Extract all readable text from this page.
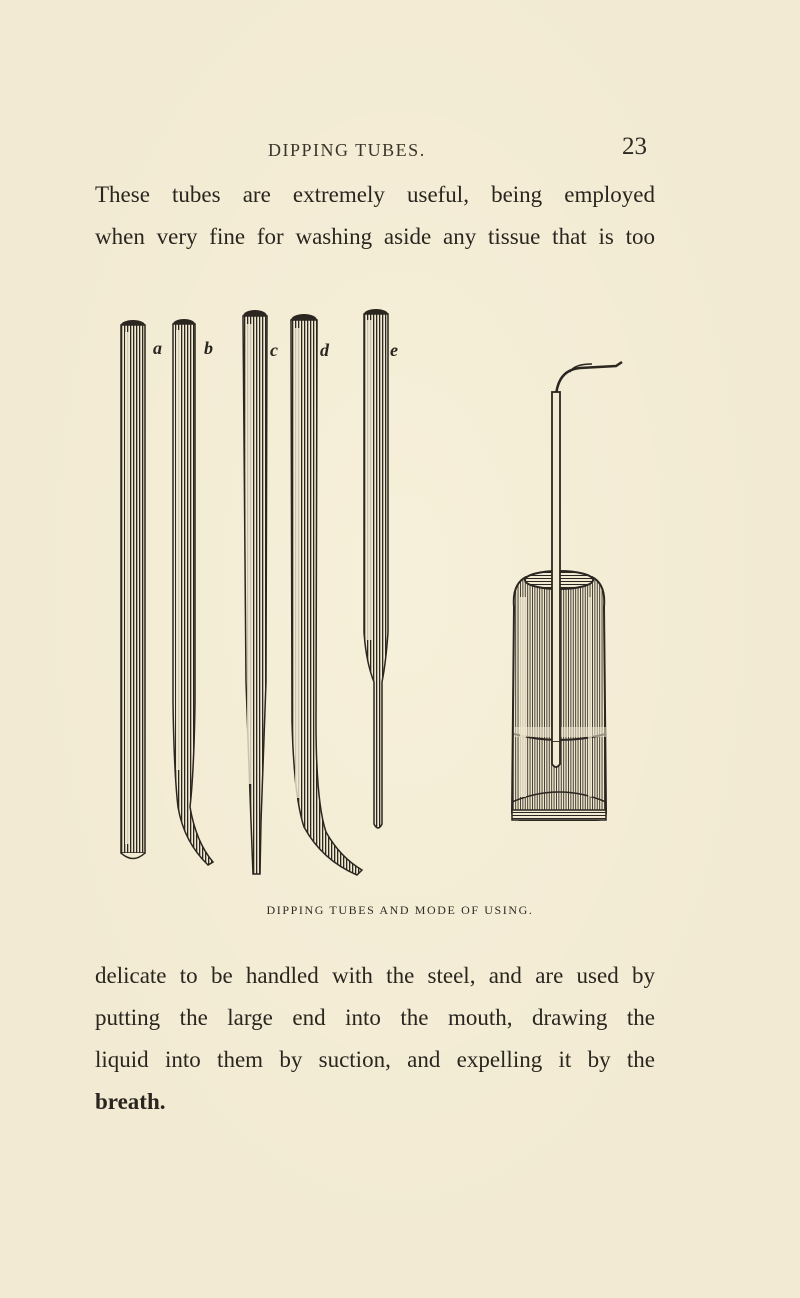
DIPPING TUBES.	23
These tubes are extremely useful, being employed
when very fine for washing aside any tissue that is too
a b	c d	e
DIPPING TUBES AND MODE OF USING.
delicate to be handled with the steel, and are used by
putting the large end into the mouth, drawing the
liquid into them by suction, and expelling it by the
breath.
